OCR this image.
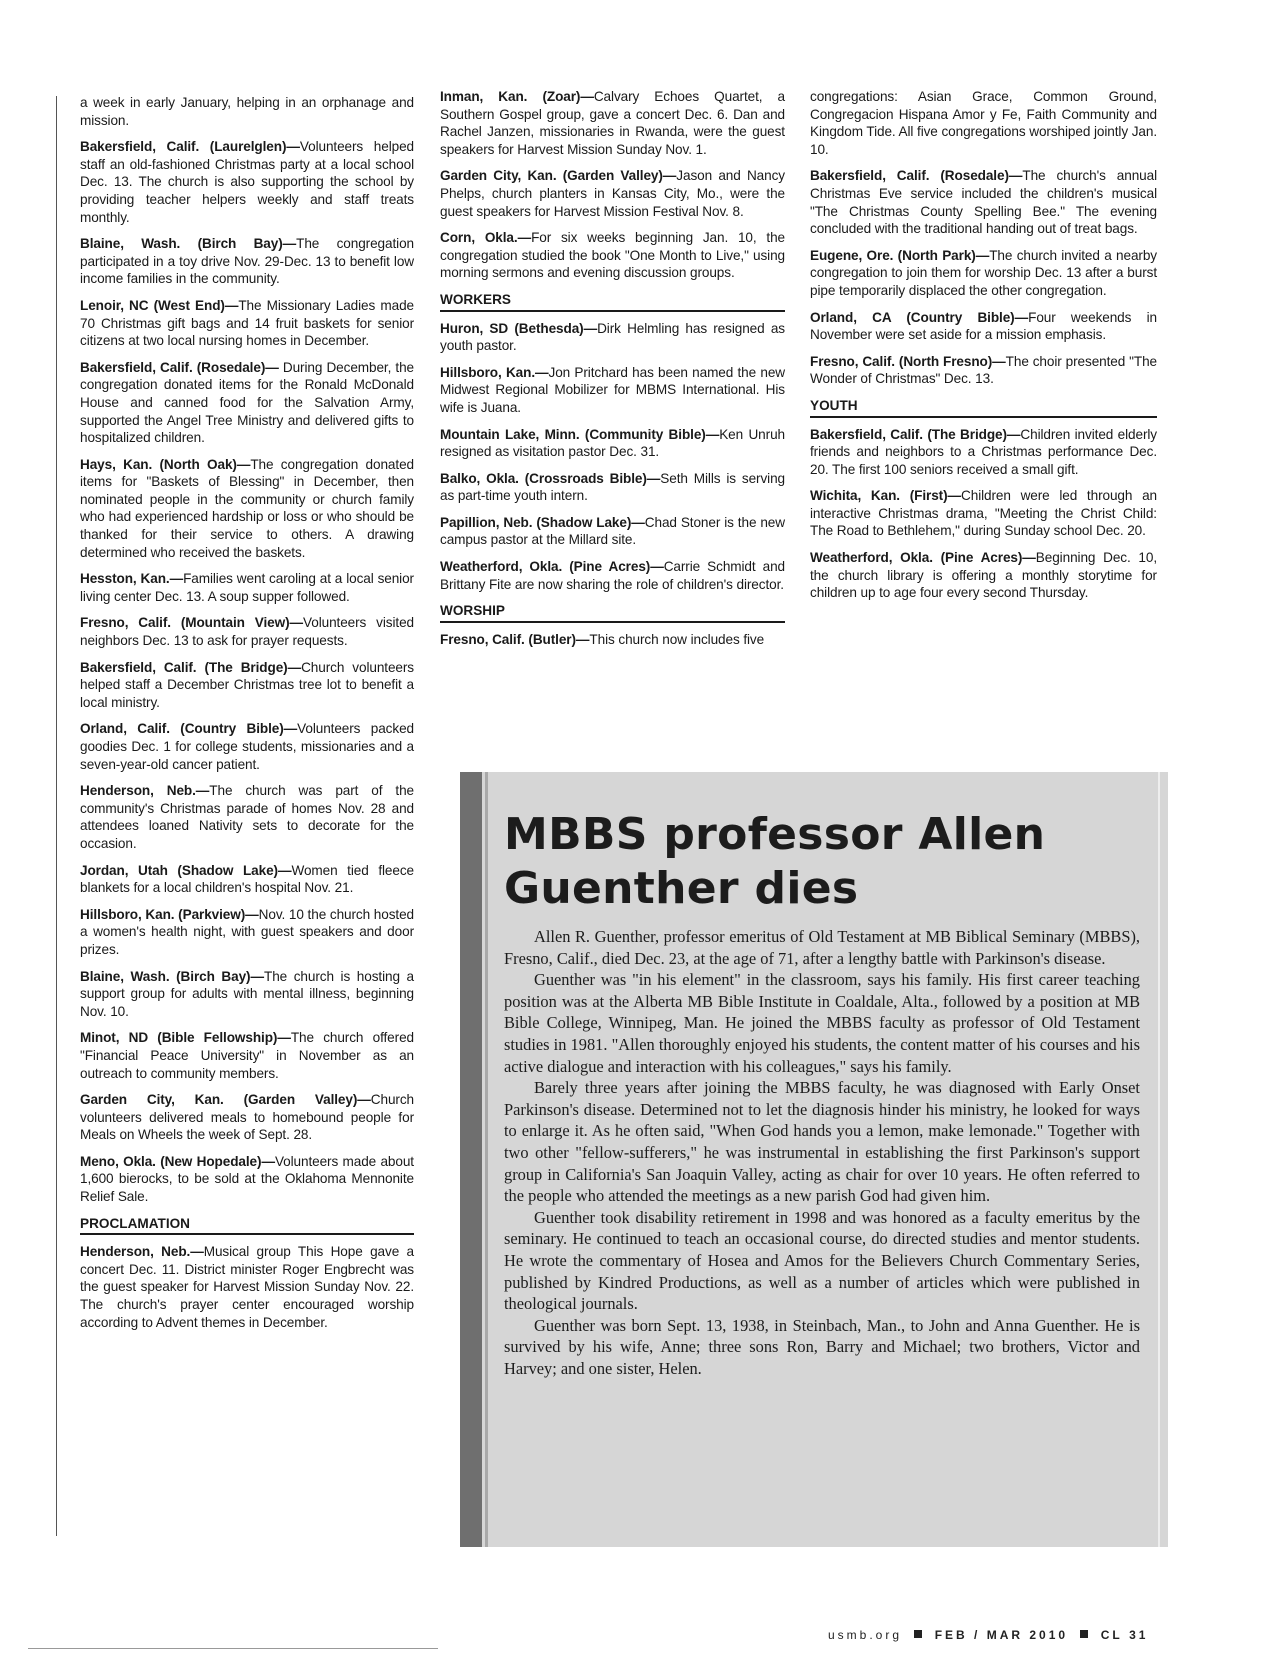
a week in early January, helping in an orphanage and mission.

Bakersfield, Calif. (Laurelglen)—Volunteers helped staff an old-fashioned Christmas party at a local school Dec. 13. The church is also supporting the school by providing teacher helpers weekly and staff treats monthly.

Blaine, Wash. (Birch Bay)—The congregation participated in a toy drive Nov. 29-Dec. 13 to benefit low income families in the community.

Lenoir, NC (West End)—The Missionary Ladies made 70 Christmas gift bags and 14 fruit baskets for senior citizens at two local nursing homes in December.

Bakersfield, Calif. (Rosedale)— During December, the congregation donated items for the Ronald McDonald House and canned food for the Salvation Army, supported the Angel Tree Ministry and delivered gifts to hospitalized children.

Hays, Kan. (North Oak)—The congregation donated items for "Baskets of Blessing" in December, then nominated people in the community or church family who had experienced hardship or loss or who should be thanked for their service to others. A drawing determined who received the baskets.

Hesston, Kan.—Families went caroling at a local senior living center Dec. 13. A soup supper followed.

Fresno, Calif. (Mountain View)—Volunteers visited neighbors Dec. 13 to ask for prayer requests.

Bakersfield, Calif. (The Bridge)—Church volunteers helped staff a December Christmas tree lot to benefit a local ministry.

Orland, Calif. (Country Bible)—Volunteers packed goodies Dec. 1 for college students, missionaries and a seven-year-old cancer patient.

Henderson, Neb.—The church was part of the community's Christmas parade of homes Nov. 28 and attendees loaned Nativity sets to decorate for the occasion.

Jordan, Utah (Shadow Lake)—Women tied fleece blankets for a local children's hospital Nov. 21.

Hillsboro, Kan. (Parkview)—Nov. 10 the church hosted a women's health night, with guest speakers and door prizes.

Blaine, Wash. (Birch Bay)—The church is hosting a support group for adults with mental illness, beginning Nov. 10.

Minot, ND (Bible Fellowship)—The church offered "Financial Peace University" in November as an outreach to community members.

Garden City, Kan. (Garden Valley)—Church volunteers delivered meals to homebound people for Meals on Wheels the week of Sept. 28.

Meno, Okla. (New Hopedale)—Volunteers made about 1,600 bierocks, to be sold at the Oklahoma Mennonite Relief Sale.

PROCLAMATION

Henderson, Neb.—Musical group This Hope gave a concert Dec. 11. District minister Roger Engbrecht was the guest speaker for Harvest Mission Sunday Nov. 22. The church's prayer center encouraged worship according to Advent themes in December.

Inman, Kan. (Zoar)—Calvary Echoes Quartet, a Southern Gospel group, gave a concert Dec. 6. Dan and Rachel Janzen, missionaries in Rwanda, were the guest speakers for Harvest Mission Sunday Nov. 1.

Garden City, Kan. (Garden Valley)—Jason and Nancy Phelps, church planters in Kansas City, Mo., were the guest speakers for Harvest Mission Festival Nov. 8.

Corn, Okla.—For six weeks beginning Jan. 10, the congregation studied the book "One Month to Live," using morning sermons and evening discussion groups.

WORKERS

Huron, SD (Bethesda)—Dirk Helmling has resigned as youth pastor.

Hillsboro, Kan.—Jon Pritchard has been named the new Midwest Regional Mobilizer for MBMS International. His wife is Juana.

Mountain Lake, Minn. (Community Bible)—Ken Unruh resigned as visitation pastor Dec. 31.

Balko, Okla. (Crossroads Bible)—Seth Mills is serving as part-time youth intern.

Papillion, Neb. (Shadow Lake)—Chad Stoner is the new campus pastor at the Millard site.

Weatherford, Okla. (Pine Acres)—Carrie Schmidt and Brittany Fite are now sharing the role of children's director.

WORSHIP

Fresno, Calif. (Butler)—This church now includes five

congregations: Asian Grace, Common Ground, Congregacion Hispana Amor y Fe, Faith Community and Kingdom Tide. All five congregations worshiped jointly Jan. 10.

Bakersfield, Calif. (Rosedale)—The church's annual Christmas Eve service included the children's musical "The Christmas County Spelling Bee." The evening concluded with the traditional handing out of treat bags.

Eugene, Ore. (North Park)—The church invited a nearby congregation to join them for worship Dec. 13 after a burst pipe temporarily displaced the other congregation.

Orland, CA (Country Bible)—Four weekends in November were set aside for a mission emphasis.

Fresno, Calif. (North Fresno)—The choir presented "The Wonder of Christmas" Dec. 13.

YOUTH

Bakersfield, Calif. (The Bridge)—Children invited elderly friends and neighbors to a Christmas performance Dec. 20. The first 100 seniors received a small gift.

Wichita, Kan. (First)—Children were led through an interactive Christmas drama, "Meeting the Christ Child: The Road to Bethlehem," during Sunday school Dec. 20.

Weatherford, Okla. (Pine Acres)—Beginning Dec. 10, the church library is offering a monthly storytime for children up to age four every second Thursday.

MBBS professor Allen
Guenther dies

Allen R. Guenther, professor emeritus of Old Testament at MB Biblical Seminary (MBBS), Fresno, Calif., died Dec. 23, at the age of 71, after a lengthy battle with Parkinson's disease.

Guenther was "in his element" in the classroom, says his family. His first career teaching position was at the Alberta MB Bible Institute in Coaldale, Alta., followed by a position at MB Bible College, Winnipeg, Man. He joined the MBBS faculty as professor of Old Testament studies in 1981. "Allen thoroughly enjoyed his students, the content matter of his courses and his active dialogue and interaction with his colleagues," says his family.

Barely three years after joining the MBBS faculty, he was diagnosed with Early Onset Parkinson's disease. Determined not to let the diagnosis hinder his ministry, he looked for ways to enlarge it. As he often said, "When God hands you a lemon, make lemonade." Together with two other "fellow-sufferers," he was instrumental in establishing the first Parkinson's support group in California's San Joaquin Valley, acting as chair for over 10 years. He often referred to the people who attended the meetings as a new parish God had given him.

Guenther took disability retirement in 1998 and was honored as a faculty emeritus by the seminary. He continued to teach an occasional course, do directed studies and mentor students. He wrote the commentary of Hosea and Amos for the Believers Church Commentary Series, published by Kindred Productions, as well as a number of articles which were published in theological journals.

Guenther was born Sept. 13, 1938, in Steinbach, Man., to John and Anna Guenther. He is survived by his wife, Anne; three sons Ron, Barry and Michael; two brothers, Victor and Harvey; and one sister, Helen.

usmb.org	FEB / MAR 2010	CL 31
